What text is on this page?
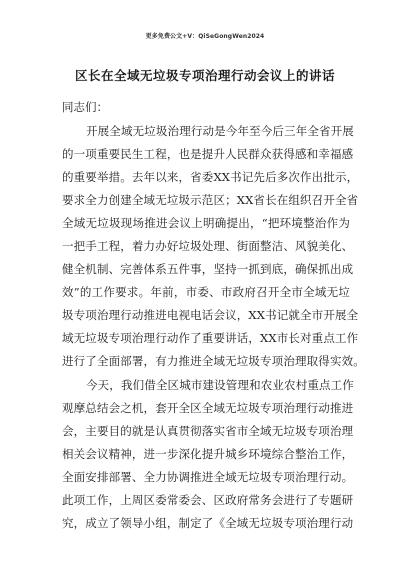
更多免费公文+V：QiSeGongWen2024
区长在全域无垃圾专项治理行动会议上的讲话

同志们：

开展全域无垃圾治理行动是今年至今后三年全省开展

的一项重要民生工程，也是提升人民群众获得感和幸福感

的重要举措。去年以来，省委XX书记先后多次作出批示，

要求全力创建全域无垃圾示范区；XX省长在组织召开全省

全域无垃圾现场推进会议上明确提出，“把环境整治作为

一把手工程，着力办好垃圾处理、街面整洁、风貌美化、

健全机制、完善体系五件事，坚持一抓到底，确保抓出成

效”的工作要求。年前，市委、市政府召开全市全域无垃

圾专项治理行动推进电视电话会议，XX书记就全市开展全

域无垃圾专项治理行动作了重要讲话，XX市长对重点工作

进行了全面部署，有力推进全域无垃圾专项治理取得实效。

今天，我们借全区城市建设管理和农业农村重点工作

观摩总结会之机，套开全区全域无垃圾专项治理行动推进

会，主要目的就是认真贯彻落实省市全域无垃圾专项治理

相关会议精神，进一步深化提升城乡环境综合整治工作，

全面安排部署、全力协调推进全域无垃圾专项治理行动。

此项工作，上周区委常委会、区政府常务会进行了专题研

究，成立了领导小组，制定了《全域无垃圾专项治理行动
